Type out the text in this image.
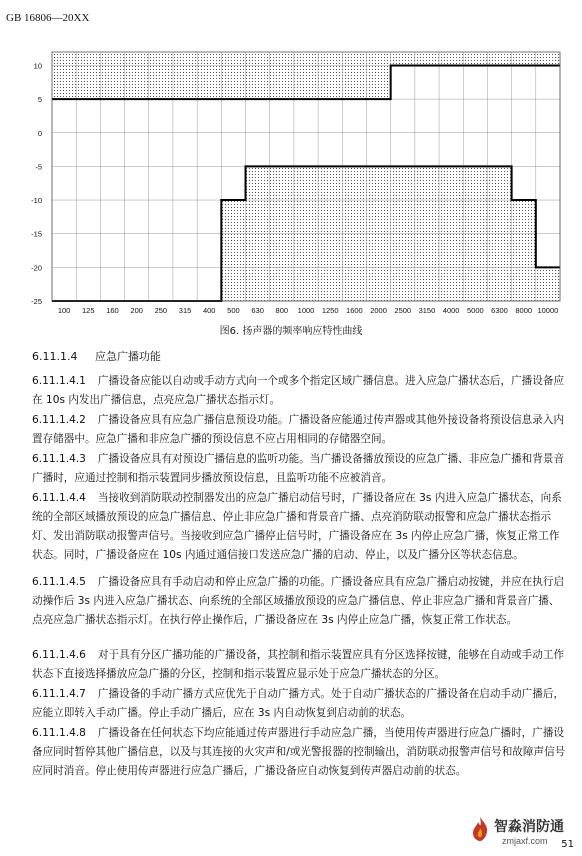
GB 16806—20XX
10
5
0
-5
-10
-15
-20
-25
100 125 160 200 250 315 400 500 630 800 1000 1250 1600 2000 2500 3150 4000 5000 6300 8000 10000
图6. 扬声器的频率响应特性曲线
6.11.1.4 应急广播功能
6.11.1.4.1 广播设备应能以自动或手动方式向一个或多个指定区域广播信息。进入应急广播状态后，广播设备应在 10s 内发出广播信息，点亮应急广播状态指示灯。
6.11.1.4.2 广播设备应具有应急广播信息预设功能。广播设备应能通过传声器或其他外接设备将预设信息录入内置存储器中。应急广播和非应急广播的预设信息不应占用相同的存储器空间。
6.11.1.4.3 广播设备应具有对预设广播信息的监听功能。当广播设备播放预设的应急广播、非应急广播和背景音广播时，应通过控制和指示装置同步播放预设信息，且监听功能不应被消音。
6.11.1.4.4 当接收到消防联动控制器发出的应急广播启动信号时，广播设备应在 3s 内进入应急广播状态，向系统的全部区域播放预设的应急广播信息、停止非应急广播和背景音广播、点亮消防联动报警和应急广播状态指示灯、发出消防联动报警声信号。当接收到应急广播停止信号时，广播设备应在 3s 内停止应急广播，恢复正常工作状态。同时，广播设备应在 10s 内通过通信接口发送应急广播的启动、停止，以及广播分区等状态信息。
6.11.1.4.5 广播设备应具有手动启动和停止应急广播的功能。广播设备应具有应急广播启动按键，并应在执行启动操作后 3s 内进入应急广播状态、向系统的全部区域播放预设的应急广播信息、停止非应急广播和背景音广播、点亮应急广播状态指示灯。在执行停止操作后，广播设备应在 3s 内停止应急广播，恢复正常工作状态。
6.11.1.4.6 对于具有分区广播功能的广播设备，其控制和指示装置应具有分区选择按键，能够在自动或手动工作状态下直接选择播放应急广播的分区，控制和指示装置应显示处于应急广播状态的分区。
6.11.1.4.7 广播设备的手动广播方式应优先于自动广播方式。处于自动广播状态的广播设备在启动手动广播后，应能立即转入手动广播。停止手动广播后，应在 3s 内自动恢复到启动前的状态。
6.11.1.4.8 广播设备在任何状态下均应能通过传声器进行手动应急广播，当使用传声器进行应急广播时，广播设备应同时暂停其他广播信息，以及与其连接的火灾声和/或光警报器的控制输出，消防联动报警声信号和故障声信号应同时消音。停止使用传声器进行应急广播后，广播设备应自动恢复到传声器启动前的状态。
智淼消防通
zmjaxf.com 51
